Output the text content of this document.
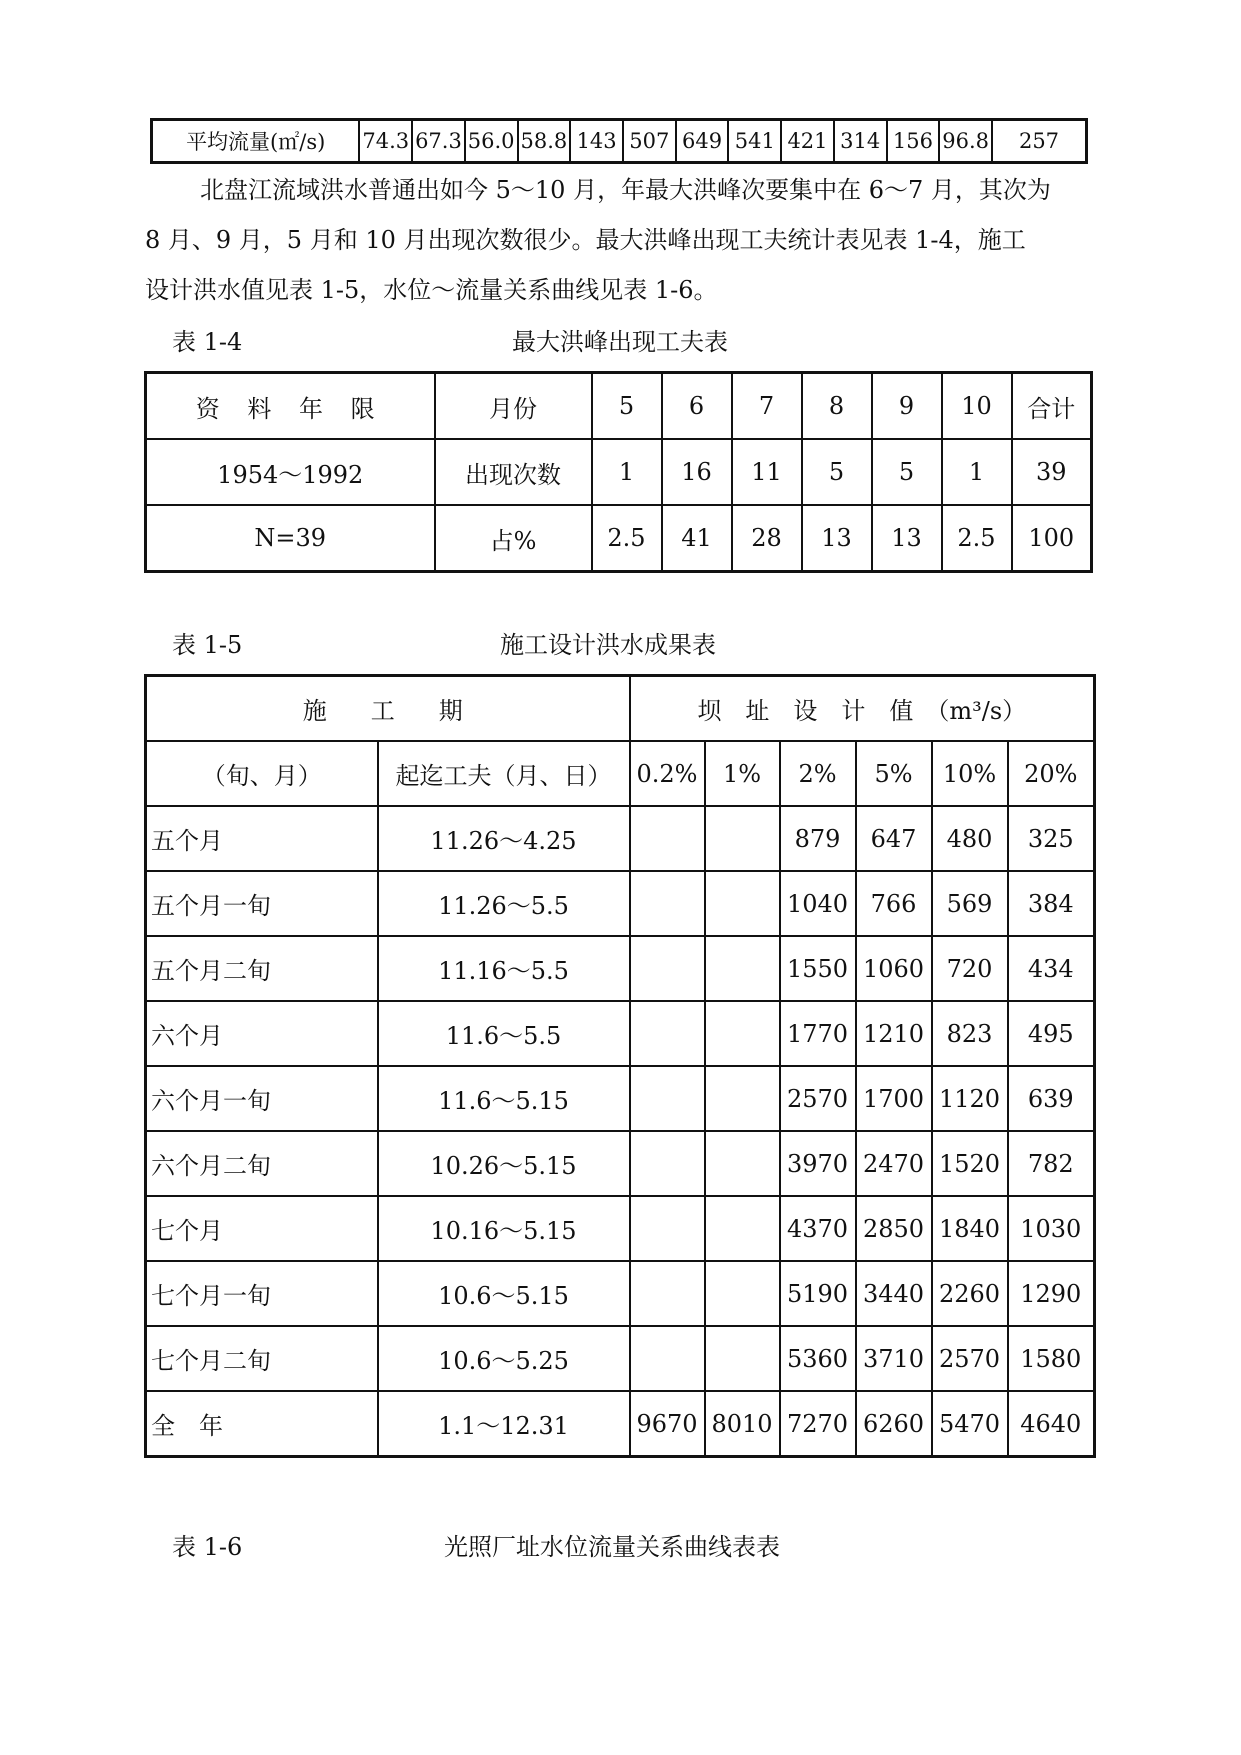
平均流量(㎡/s)	74.3	67.3	56.0	58.8	143	507	649	541	421	314	156	96.8	257
北盘江流域洪水普通出如今 5～10 月，年最大洪峰次要集中在 6～7 月，其次为
8 月、9 月，5 月和 10 月出现次数很少。最大洪峰出现工夫统计表见表 1-4，施工
设计洪水值见表 1-5，水位～流量关系曲线见表 1-6。
表 1-4	最大洪峰出现工夫表
资 料 年 限	月份	5	6	7	8	9	10	合计
1954～1992	出现次数	1	16	11	5	5	1	39
N=39	占%	2.5	41	28	13	13	2.5	100
表 1-5	施工设计洪水成果表
施　工　期		坝　址　设　计　值　（m³/s）					
（旬、月）	起迄工夫（月、日）	0.2%	1%	2%	5%	10%	20%
五个月	11.26～4.25			879	647	480	325
五个月一旬	11.26～5.5			1040	766	569	384
五个月二旬	11.16～5.5			1550	1060	720	434
六个月	11.6～5.5			1770	1210	823	495
六个月一旬	11.6～5.15			2570	1700	1120	639
六个月二旬	10.26～5.15			3970	2470	1520	782
七个月	10.16～5.15			4370	2850	1840	1030
七个月一旬	10.6～5.15			5190	3440	2260	1290
七个月二旬	10.6～5.25			5360	3710	2570	1580
全　年	1.1～12.31	9670	8010	7270	6260	5470	4640
表 1-6	光照厂址水位流量关系曲线表表
